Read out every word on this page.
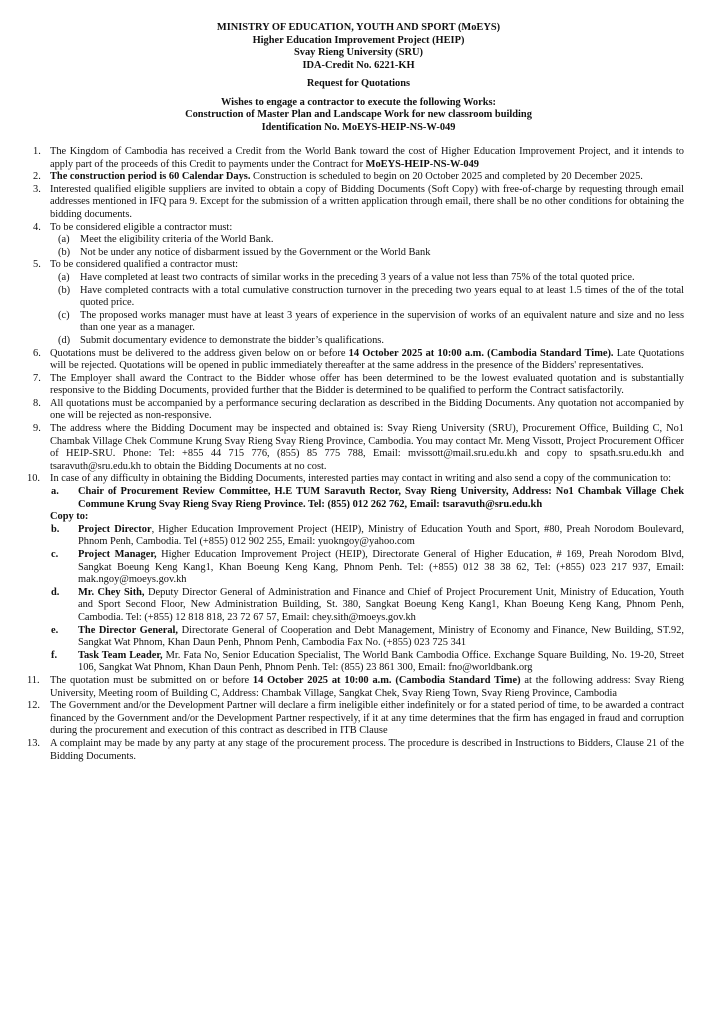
MINISTRY OF EDUCATION, YOUTH AND SPORT (MoEYS)
Higher Education Improvement Project (HEIP)
Svay Rieng University (SRU)
IDA-Credit No. 6221-KH
Request for Quotations
Wishes to engage a contractor to execute the following Works:
Construction of Master Plan and Landscape Work for new classroom building
Identification No. MoEYS-HEIP-NS-W-049
1. The Kingdom of Cambodia has received a Credit from the World Bank toward the cost of Higher Education Improvement Project, and it intends to apply part of the proceeds of this Credit to payments under the Contract for MoEYS-HEIP-NS-W-049
2. The construction period is 60 Calendar Days. Construction is scheduled to begin on 20 October 2025 and completed by 20 December 2025.
3. Interested qualified eligible suppliers are invited to obtain a copy of Bidding Documents (Soft Copy) with free-of-charge by requesting through email addresses mentioned in IFQ para 9. Except for the submission of a written application through email, there shall be no other conditions for obtaining the bidding documents.
4. To be considered eligible a contractor must:
(a) Meet the eligibility criteria of the World Bank.
(b) Not be under any notice of disbarment issued by the Government or the World Bank
5. To be considered qualified a contractor must:
(a) Have completed at least two contracts of similar works in the preceding 3 years of a value not less than 75% of the total quoted price.
(b) Have completed contracts with a total cumulative construction turnover in the preceding two years equal to at least 1.5 times of the of the total quoted price.
(c) The proposed works manager must have at least 3 years of experience in the supervision of works of an equivalent nature and size and no less than one year as a manager.
(d) Submit documentary evidence to demonstrate the bidder’s qualifications.
6. Quotations must be delivered to the address given below on or before 14 October 2025 at 10:00 a.m. (Cambodia Standard Time). Late Quotations will be rejected. Quotations will be opened in public immediately thereafter at the same address in the presence of the Bidders' representatives.
7. The Employer shall award the Contract to the Bidder whose offer has been determined to be the lowest evaluated quotation and is substantially responsive to the Bidding Documents, provided further that the Bidder is determined to be qualified to perform the Contract satisfactorily.
8. All quotations must be accompanied by a performance securing declaration as described in the Bidding Documents. Any quotation not accompanied by one will be rejected as non-responsive.
9. The address where the Bidding Document may be inspected and obtained is: Svay Rieng University (SRU), Procurement Office, Building C, No1 Chambak Village Chek Commune Krung Svay Rieng Svay Rieng Province, Cambodia. You may contact Mr. Meng Vissott, Project Procurement Officer of HEIP-SRU. Phone: Tel: +855 44 715 776, (855) 85 775 788, Email: mvissott@mail.sru.edu.kh and copy to spsath.sru.edu.kh and tsaravuth@sru.edu.kh to obtain the Bidding Documents at no cost.
10. In case of any difficulty in obtaining the Bidding Documents, interested parties may contact in writing and also send a copy of the communication to:
a. Chair of Procurement Review Committee, H.E TUM Saravuth Rector, Svay Rieng University, Address: No1 Chambak Village Chek Commune Krung Svay Rieng Svay Rieng Province. Tel: (855) 012 262 762, Email: tsaravuth@sru.edu.kh
Copy to:
b. Project Director, Higher Education Improvement Project (HEIP), Ministry of Education Youth and Sport, #80, Preah Norodom Boulevard, Phnom Penh, Cambodia. Tel (+855) 012 902 255, Email: yuokngoy@yahoo.com
c. Project Manager, Higher Education Improvement Project (HEIP), Directorate General of Higher Education, # 169, Preah Norodom Blvd, Sangkat Boeung Keng Kang1, Khan Boeung Keng Kang, Phnom Penh. Tel: (+855) 012 38 38 62, Tel: (+855) 023 217 937, Email: mak.ngoy@moeys.gov.kh
d. Mr. Chey Sith, Deputy Director General of Administration and Finance and Chief of Project Procurement Unit, Ministry of Education, Youth and Sport Second Floor, New Administration Building, St. 380, Sangkat Boeung Keng Kang1, Khan Boeung Keng Kang, Phnom Penh, Cambodia. Tel: (+855) 12 818 818, 23 72 67 57, Email: chey.sith@moeys.gov.kh
e. The Director General, Directorate General of Cooperation and Debt Management, Ministry of Economy and Finance, New Building, ST.92, Sangkat Wat Phnom, Khan Daun Penh, Phnom Penh, Cambodia Fax No. (+855) 023 725 341
f. Task Team Leader, Mr. Fata No, Senior Education Specialist, The World Bank Cambodia Office. Exchange Square Building, No. 19-20, Street 106, Sangkat Wat Phnom, Khan Daun Penh, Phnom Penh. Tel: (855) 23 861 300, Email: fno@worldbank.org
11. The quotation must be submitted on or before 14 October 2025 at 10:00 a.m. (Cambodia Standard Time) at the following address: Svay Rieng University, Meeting room of Building C, Address: Chambak Village, Sangkat Chek, Svay Rieng Town, Svay Rieng Province, Cambodia
12. The Government and/or the Development Partner will declare a firm ineligible either indefinitely or for a stated period of time, to be awarded a contract financed by the Government and/or the Development Partner respectively, if it at any time determines that the firm has engaged in fraud and corruption during the procurement and execution of this contract as described in ITB Clause
13. A complaint may be made by any party at any stage of the procurement process. The procedure is described in Instructions to Bidders, Clause 21 of the Bidding Documents.
